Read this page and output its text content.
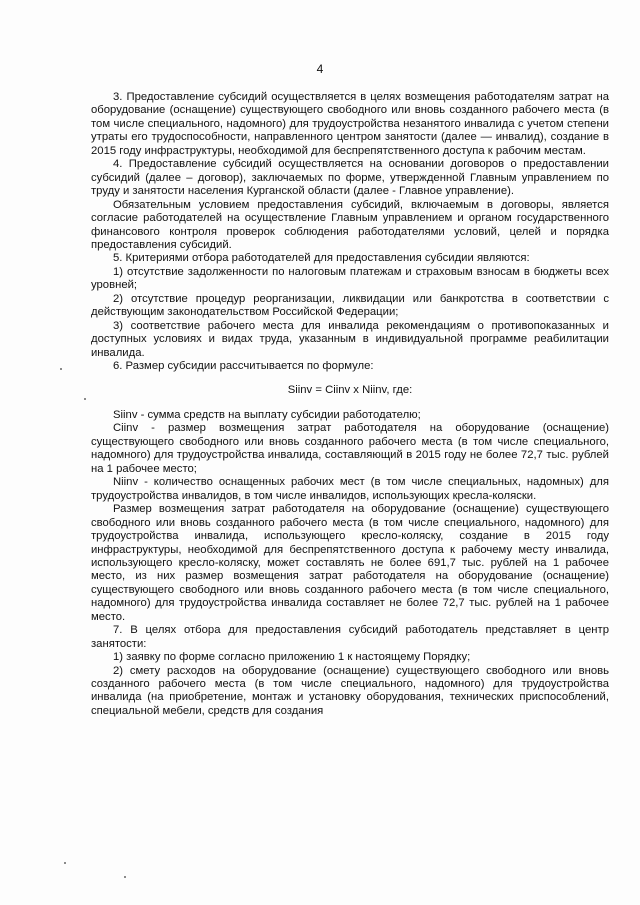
4

3. Предоставление субсидий осуществляется в целях возмещения работодателям затрат на оборудование (оснащение) существующего свободного или вновь созданного рабочего места (в том числе специального, надомного) для трудоустройства незанятого инвалида с учетом степени утраты его трудоспособности, направленного центром занятости (далее — инвалид), создание в 2015 году инфраструктуры, необходимой для беспрепятственного доступа к рабочим местам.

4. Предоставление субсидий осуществляется на основании договоров о предоставлении субсидий (далее – договор), заключаемых по форме, утвержденной Главным управлением по труду и занятости населения Курганской области (далее - Главное управление).

Обязательным условием предоставления субсидий, включаемым в договоры, является согласие работодателей на осуществление Главным управлением и органом государственного финансового контроля проверок соблюдения работодателями условий, целей и порядка предоставления субсидий.

5. Критериями отбора работодателей для предоставления субсидии являются:

1) отсутствие задолженности по налоговым платежам и страховым взносам в бюджеты всех уровней;

2) отсутствие процедур реорганизации, ликвидации или банкротства в соответствии с действующим законодательством Российской Федерации;

3) соответствие рабочего места для инвалида рекомендациям о противопоказанных и доступных условиях и видах труда, указанным в индивидуальной программе реабилитации инвалида.

6. Размер субсидии рассчитывается по формуле:

Siinv = Ciinv x Niinv, где:

Siinv - сумма средств на выплату субсидии работодателю;

Ciinv - размер возмещения затрат работодателя на оборудование (оснащение) существующего свободного или вновь созданного рабочего места (в том числе специального, надомного) для трудоустройства инвалида, составляющий в 2015 году не более 72,7 тыс. рублей на 1 рабочее место;

Niinv - количество оснащенных рабочих мест (в том числе специальных, надомных) для трудоустройства инвалидов, в том числе инвалидов, использующих кресла-коляски.

Размер возмещения затрат работодателя на оборудование (оснащение) существующего свободного или вновь созданного рабочего места (в том числе специального, надомного) для трудоустройства инвалида, использующего кресло-коляску, создание в 2015 году инфраструктуры, необходимой для беспрепятственного доступа к рабочему месту инвалида, использующего кресло-коляску, может составлять не более 691,7 тыс. рублей на 1 рабочее место, из них размер возмещения затрат работодателя на оборудование (оснащение) существующего свободного или вновь созданного рабочего места (в том числе специального, надомного) для трудоустройства инвалида составляет не более 72,7 тыс. рублей на 1 рабочее место.

7. В целях отбора для предоставления субсидий работодатель представляет в центр занятости:

1) заявку по форме согласно приложению 1 к настоящему Порядку;

2) смету расходов на оборудование (оснащение) существующего свободного или вновь созданного рабочего места (в том числе специального, надомного) для трудоустройства инвалида (на приобретение, монтаж и установку оборудования, технических приспособлений, специальной мебели, средств для создания
